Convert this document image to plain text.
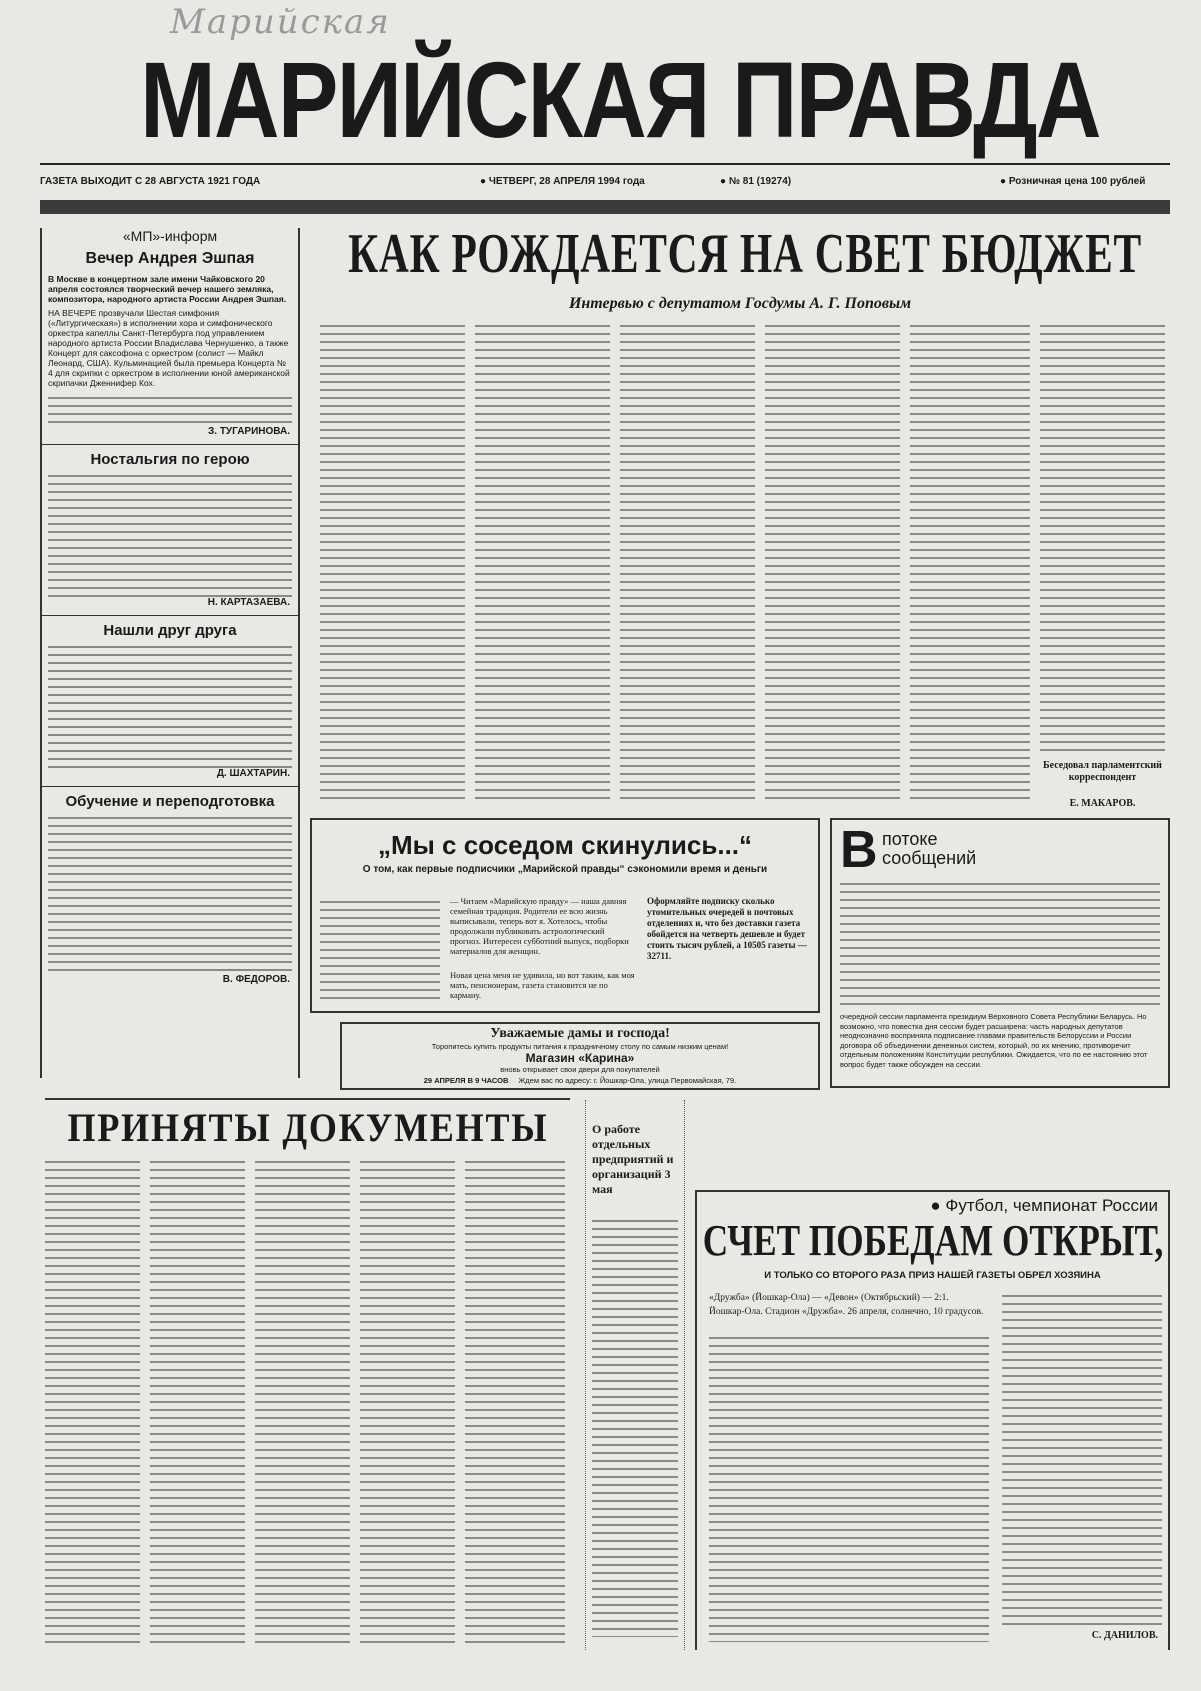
Марийская
МАРИЙСКАЯ ПРАВДА
ГАЗЕТА ВЫХОДИТ С 28 АВГУСТА 1921 ГОДА	● ЧЕТВЕРГ, 28 АПРЕЛЯ 1994 года	● № 81 (19274)	● Розничная цена 100 рублей
«МП»-информ
Вечер Андрея Эшпая

В Москве в концертном зале имени Чайковского 20 апреля состоялся творческий вечер нашего земляка, композитора, народного артиста России Андрея Эшпая.

НА ВЕЧЕРЕ прозвучали Шестая симфония («Литургическая») в исполнении хора и симфонического оркестра капеллы Санкт-Петербурга под управлением народного артиста России Владислава Чернушенко, а также Концерт для саксофона с оркестром (солист — Майкл Леонард, США). Кульминацией была премьера Концерта № 4 для скрипки с оркестром в исполнении юной американской скрипачки Дженнифер Кох.

З. ТУГАРИНОВА.
Ностальгия по герою
Н. КАРТАЗАЕВА.
Нашли друг друга
Д. ШАХТАРИН.
Обучение и переподготовка
В. ФЕДОРОВ.
КАК РОЖДАЕТСЯ НА СВЕТ БЮДЖЕТ
Интервью с депутатом Госдумы А. Г. Поповым
Беседовал парламентский корреспондент
Е. МАКАРОВ.
„Мы с соседом скинулись...“
О том, как первые подписчики „Марийской правды“ сэкономили время и деньги

— Читаем «Марийскую правду» — наша давняя семейная традиция. Родители ее всю жизнь выписывали, теперь вот я. Хотелось, чтобы продолжали публиковать астрологический прогноз. Интересен субботний выпуск, подборки материалов для женщин.

Новая цена меня не удивила, но вот таким, как моя мать, пенсионерам, газета становится не по карману.

Оформляйте подписку сколько утомительных очередей в почтовых отделениях и, что без доставки газета обойдется на четверть дешевле и будет стоить тысяч рублей, а 10505 газеты — 32711.

Уважаемые дамы и господа!
Торопитесь купить продукты питания к праздничному столу по самым низким ценам!
Магазин «Карина»
вновь открывает свои двери для покупателей
29 АПРЕЛЯ В 9 ЧАСОВ Ждем вас по адресу: г. Йошкар-Ола, улица Первомайская, 79.
В потоке
сообщений

очередной сессии парламента президиум Верховного Совета Республики Беларусь. Но возможно, что повестка дня сессии будет расширена: часть народных депутатов неоднозначно восприняла подписание главами правительств Белоруссии и России договора об объединении денежных систем, который, по их мнению, противоречит отдельным положениям Конституции республики. Ожидается, что по ее настоянию этот вопрос будет также обсужден на сессии.

ПРИНЯТЫ ДОКУМЕНТЫ	О работе отдельных предприятий и организаций 3 мая
● Футбол, чемпионат России
СЧЕТ ПОБЕДАМ ОТКРЫТ,
И ТОЛЬКО СО ВТОРОГО РАЗА ПРИЗ НАШЕЙ ГАЗЕТЫ ОБРЕЛ ХОЗЯИНА

«Дружба» (Йошкар-Ола) — «Девон» (Октябрьский) — 2:1.

Йошкар-Ола. Стадион «Дружба». 26 апреля, солнечно, 10 градусов.

С. ДАНИЛОВ.
